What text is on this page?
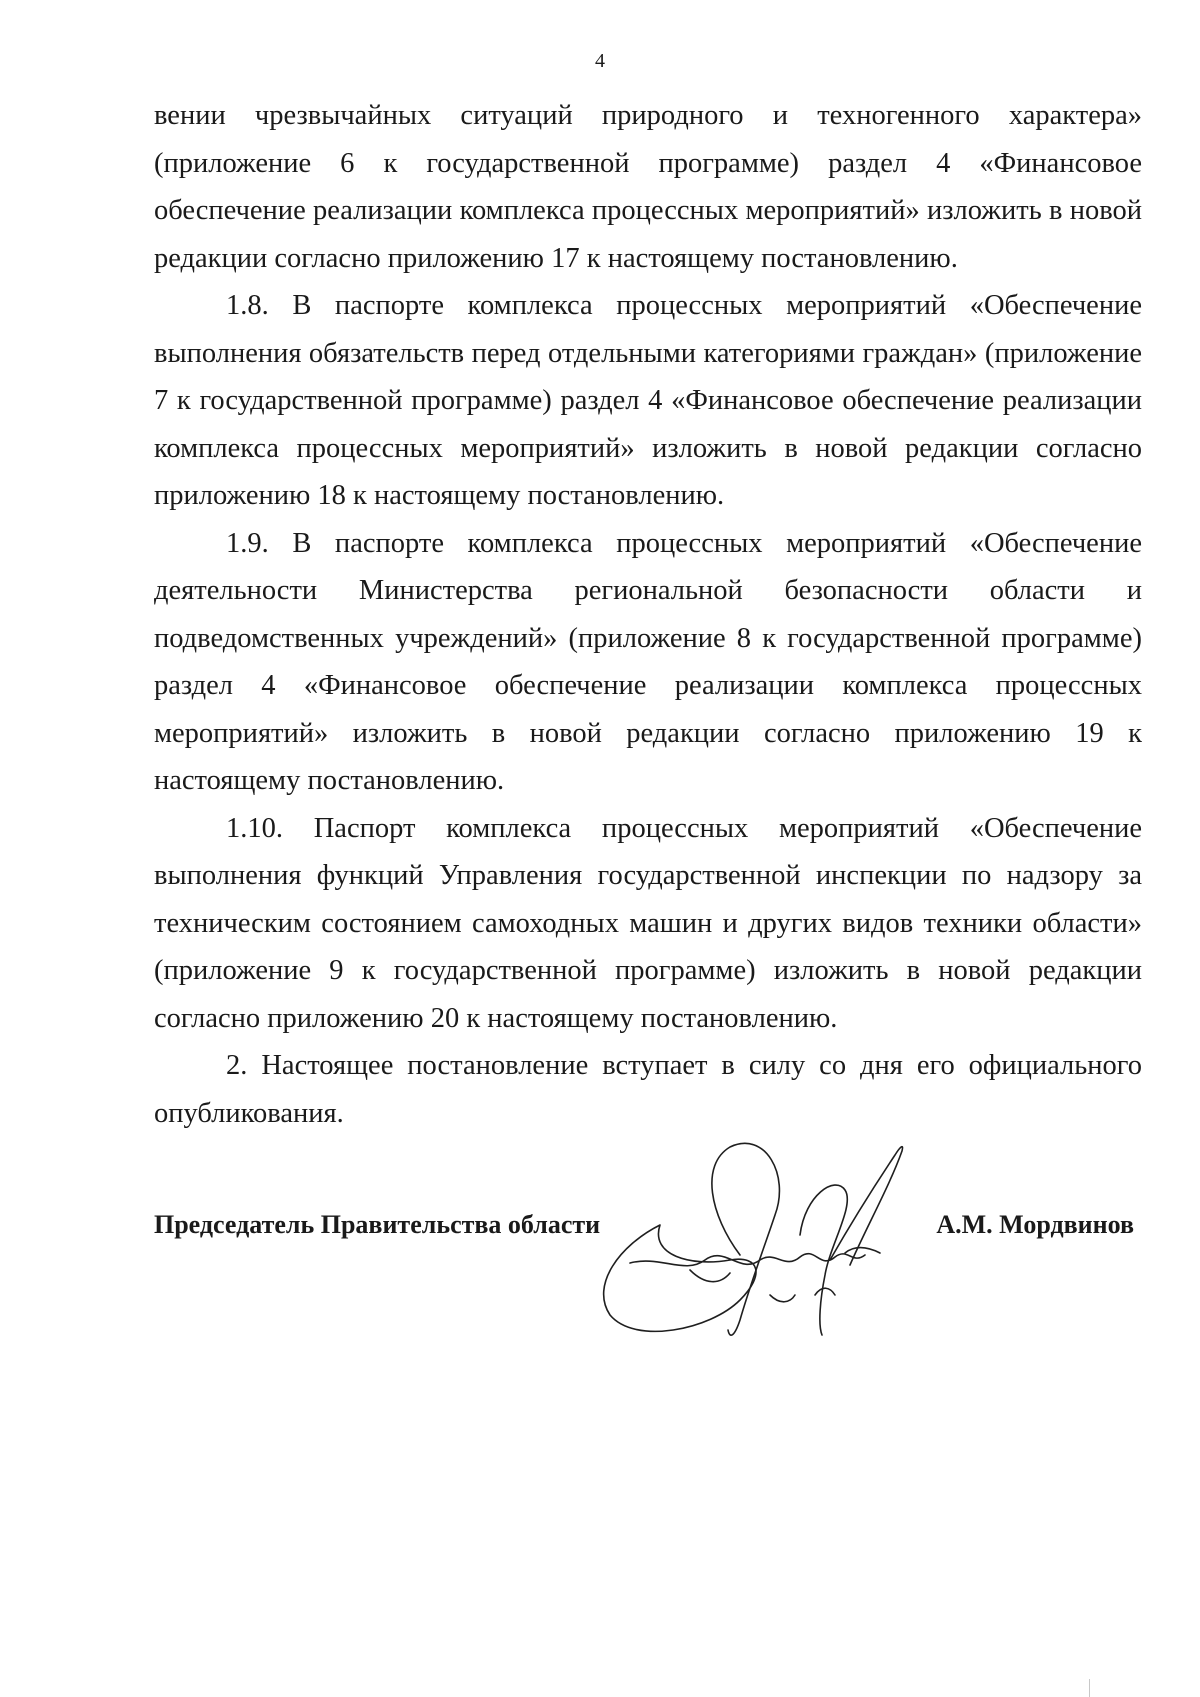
4

вении чрезвычайных ситуаций природного и техногенного характера» (приложение 6 к государственной программе) раздел 4 «Финансовое обеспечение реализации комплекса процессных мероприятий» изложить в новой редакции согласно приложению 17 к настоящему постановлению.

1.8. В паспорте комплекса процессных мероприятий «Обеспечение выполнения обязательств перед отдельными категориями граждан» (приложение 7 к государственной программе) раздел 4 «Финансовое обеспечение реализации комплекса процессных мероприятий» изложить в новой редакции согласно приложению 18 к настоящему постановлению.

1.9. В паспорте комплекса процессных мероприятий «Обеспечение деятельности Министерства региональной безопасности области и подведомственных учреждений» (приложение 8 к государственной программе) раздел 4 «Финансовое обеспечение реализации комплекса процессных мероприятий» изложить в новой редакции согласно приложению 19 к настоящему постановлению.

1.10. Паспорт комплекса процессных мероприятий «Обеспечение выполнения функций Управления государственной инспекции по надзору за техническим состоянием самоходных машин и других видов техники области» (приложение 9 к государственной программе) изложить в новой редакции согласно приложению 20 к настоящему постановлению.

2. Настоящее постановление вступает в силу со дня его официального опубликования.

Председатель Правительства области	А.М. Мордвинов
